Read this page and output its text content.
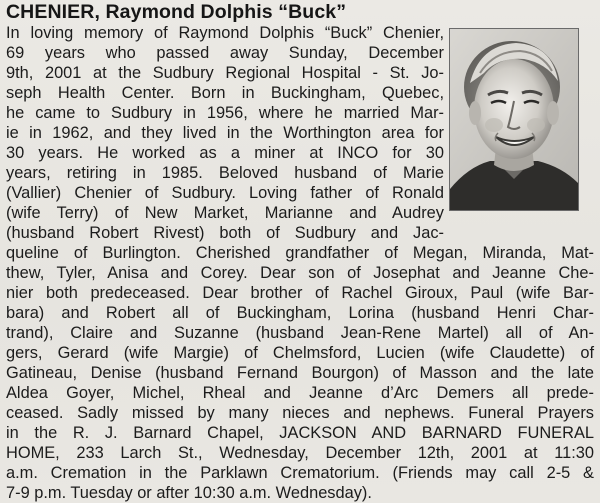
CHENIER, Raymond Dolphis “Buck”

In loving memory of Raymond Dolphis “Buck” Chenier,

69 years who passed away Sunday, December

9th, 2001 at the Sudbury Regional Hospital - St. Jo-

seph Health Center. Born in Buckingham, Quebec,

he came to Sudbury in 1956, where he married Mar-

ie in 1962, and they lived in the Worthington area for

30 years. He worked as a miner at INCO for 30

years, retiring in 1985. Beloved husband of Marie

(Vallier) Chenier of Sudbury. Loving father of Ronald

(wife Terry) of New Market, Marianne and Audrey

(husband Robert Rivest) both of Sudbury and Jac-

queline of Burlington. Cherished grandfather of Megan, Miranda, Mat-

thew, Tyler, Anisa and Corey. Dear son of Josephat and Jeanne Che-

nier both predeceased. Dear brother of Rachel Giroux, Paul (wife Bar-

bara) and Robert all of Buckingham, Lorina (husband Henri Char-

trand), Claire and Suzanne (husband Jean-Rene Martel) all of An-

gers, Gerard (wife Margie) of Chelmsford, Lucien (wife Claudette) of

Gatineau, Denise (husband Fernand Bourgon) of Masson and the late

Aldea Goyer, Michel, Rheal and Jeanne d’Arc Demers all prede-

ceased. Sadly missed by many nieces and nephews. Funeral Prayers

in the R. J. Barnard Chapel, JACKSON AND BARNARD FUNERAL

HOME, 233 Larch St., Wednesday, December 12th, 2001 at 11:30

a.m. Cremation in the Parklawn Crematorium. (Friends may call 2-5 &

7-9 p.m. Tuesday or after 10:30 a.m. Wednesday).
